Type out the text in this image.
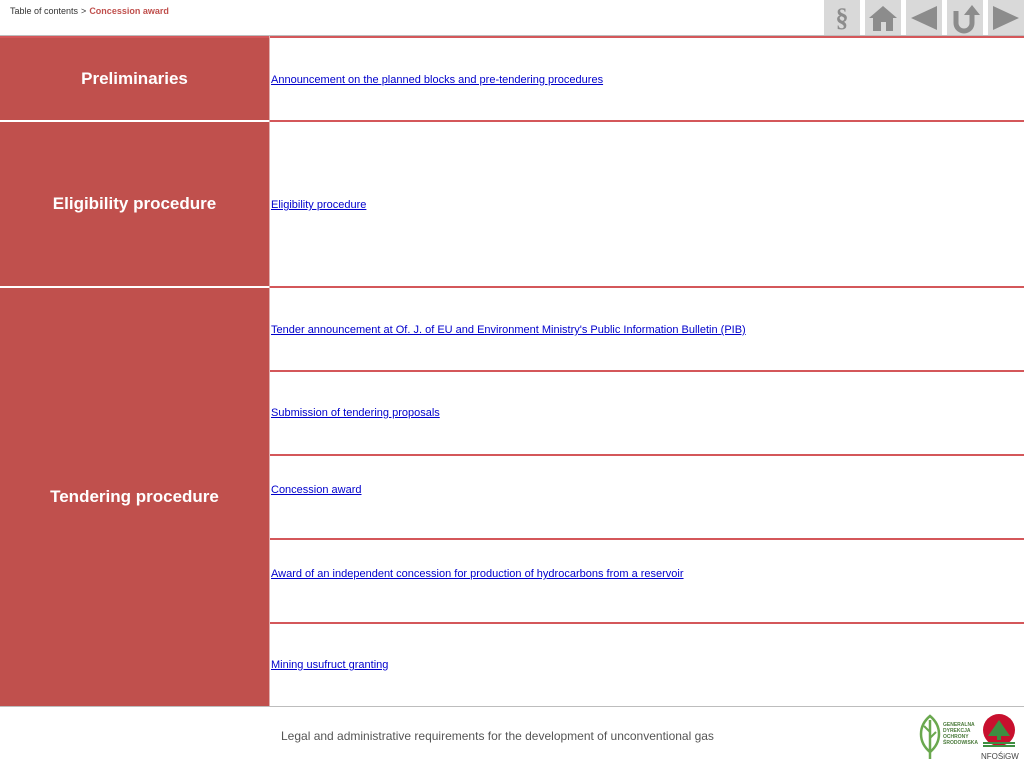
Table of contents > Concession award	§
Preliminaries
Eligibility procedure
Tendering procedure
Announcement on the planned blocks and pre-tendering procedures
Eligibility procedure
Tender announcement at Of. J. of EU and Environment Ministry's Public Information Bulletin (PIB)
Submission of tendering proposals
Concession award
Award of an independent concession for production of hydrocarbons from a reservoir
Mining usufruct granting
Legal and administrative requirements for the development of unconventional gas
GENERALNA
DYREKCJA
OCHRONY
ŚRODOWISKA
NFOŚiGW
